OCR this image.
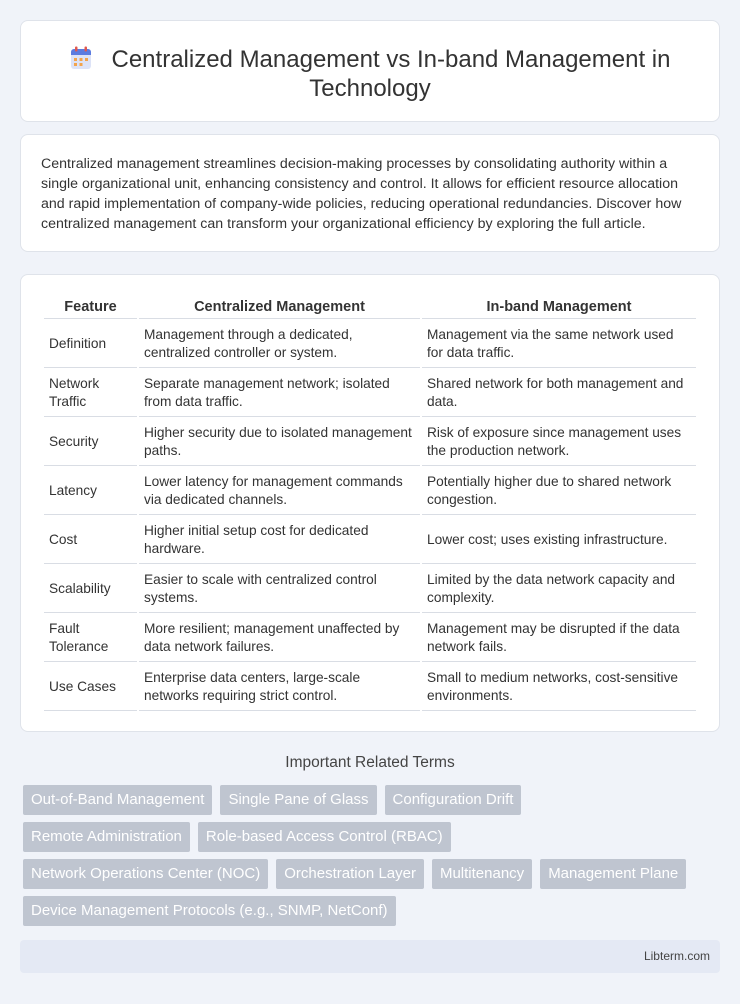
Centralized Management vs In-band Management in Technology

Centralized management streamlines decision-making processes by consolidating authority within a single organizational unit, enhancing consistency and control. It allows for efficient resource allocation and rapid implementation of company-wide policies, reducing operational redundancies. Discover how centralized management can transform your organizational efficiency by exploring the full article.

Feature	Centralized Management	In-band Management
Definition	Management through a dedicated, centralized controller or system.	Management via the same network used for data traffic.
Network Traffic	Separate management network; isolated from data traffic.	Shared network for both management and data.
Security	Higher security due to isolated management paths.	Risk of exposure since management uses the production network.
Latency	Lower latency for management commands via dedicated channels.	Potentially higher due to shared network congestion.
Cost	Higher initial setup cost for dedicated hardware.	Lower cost; uses existing infrastructure.
Scalability	Easier to scale with centralized control systems.	Limited by the data network capacity and complexity.
Fault Tolerance	More resilient; management unaffected by data network failures.	Management may be disrupted if the data network fails.
Use Cases	Enterprise data centers, large-scale networks requiring strict control.	Small to medium networks, cost-sensitive environments.
Important Related Terms
Out-of-Band Management	Single Pane of Glass	Configuration Drift
Remote Administration	Role-based Access Control (RBAC)
Network Operations Center (NOC)	Orchestration Layer	Multitenancy	Management Plane
Device Management Protocols (e.g., SNMP, NetConf)
Libterm.com
